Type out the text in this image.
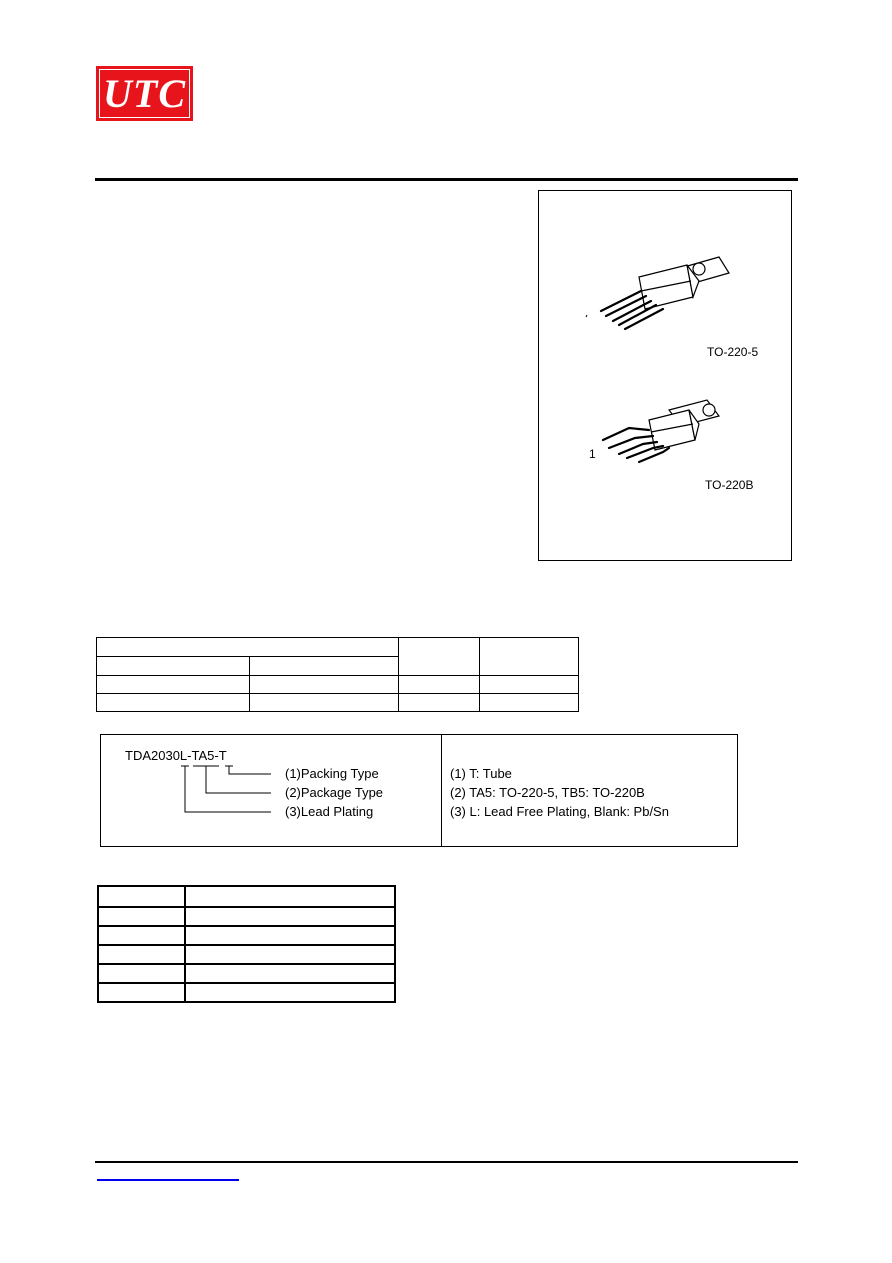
UTC
TO-220-5
1
TO-220B

TDA2030L-TA5-T
(1)Packing Type
(2)Package Type
(3)Lead Plating
(1) T: Tube
(2) TA5: TO-220-5, TB5: TO-220B
(3) L: Lead Free Plating, Blank: Pb/Sn
